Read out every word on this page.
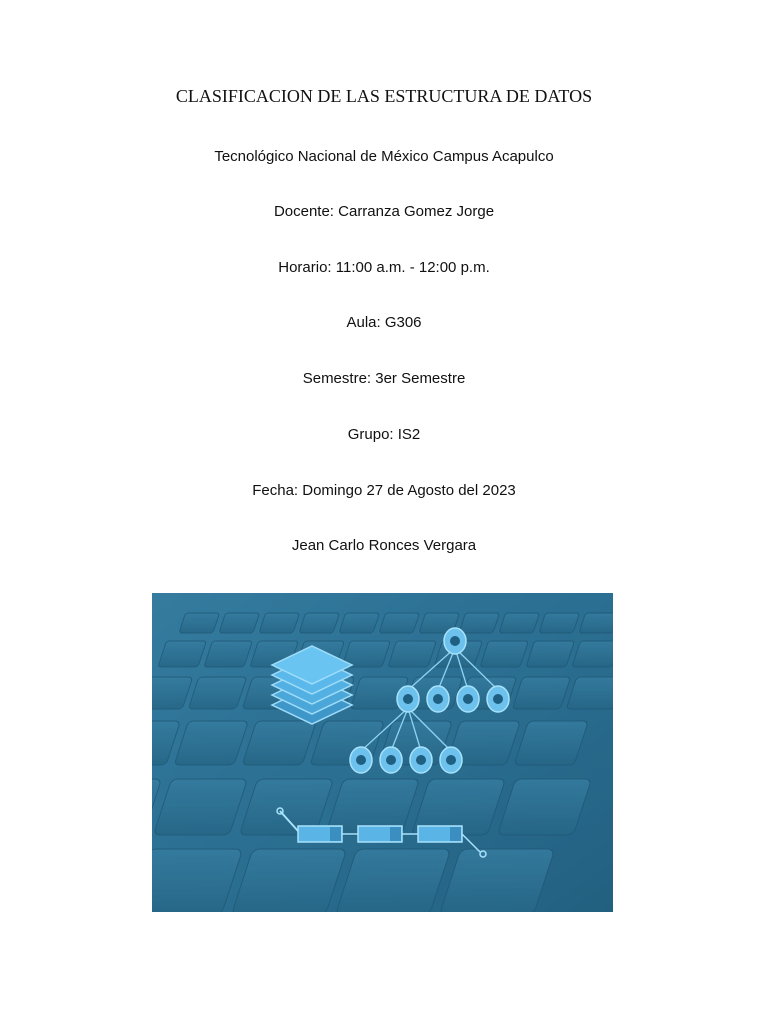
CLASIFICACION DE LAS ESTRUCTURA DE DATOS
Tecnológico Nacional de México Campus Acapulco
Docente: Carranza Gomez Jorge
Horario: 11:00 a.m. - 12:00 p.m.
Aula: G306
Semestre: 3er Semestre
Grupo: IS2
Fecha: Domingo 27 de Agosto del 2023
Jean Carlo Ronces Vergara
